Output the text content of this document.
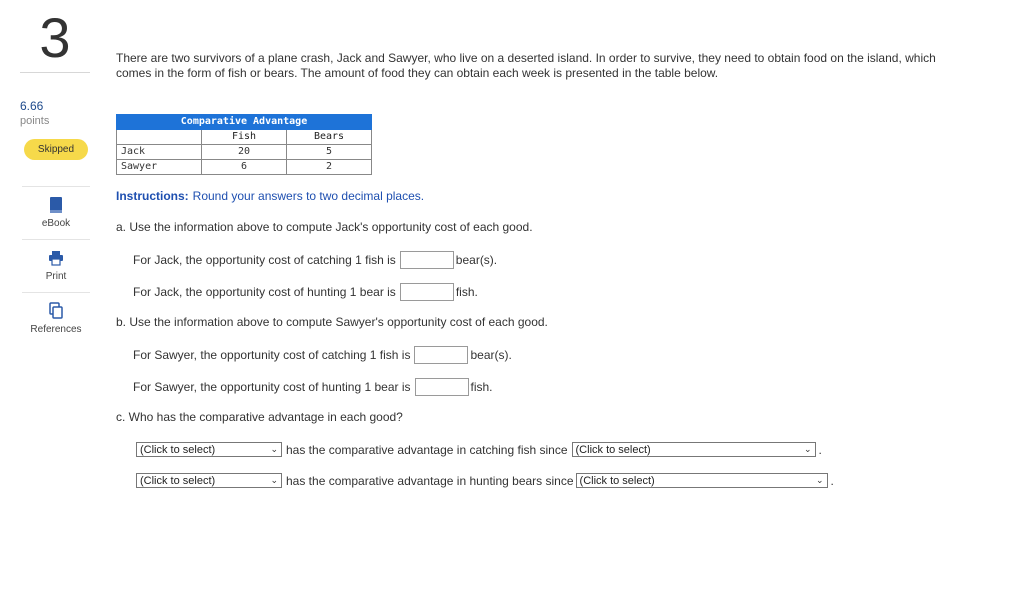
3
6.66
points
Skipped
eBook
Print
References
There are two survivors of a plane crash, Jack and Sawyer, who live on a deserted island. In order to survive, they need to obtain food on the island, which comes in the form of fish or bears. The amount of food they can obtain each week is presented in the table below.
Comparative Advantage		
	Fish	Bears
Jack	20	5
Sawyer	6	2
Instructions: Round your answers to two decimal places.
a. Use the information above to compute Jack's opportunity cost of each good.
For Jack, the opportunity cost of catching 1 fish is	bear(s).
For Jack, the opportunity cost of hunting 1 bear is	fish.
b. Use the information above to compute Sawyer's opportunity cost of each good.
For Sawyer, the opportunity cost of catching 1 fish is	bear(s).
For Sawyer, the opportunity cost of hunting 1 bear is	fish.
c. Who has the comparative advantage in each good?
(Click to select)	⌄ has the comparative advantage in catching fish since (Click to select)	⌄ .
(Click to select)	⌄ has the comparative advantage in hunting bears since (Click to select)	⌄ .
